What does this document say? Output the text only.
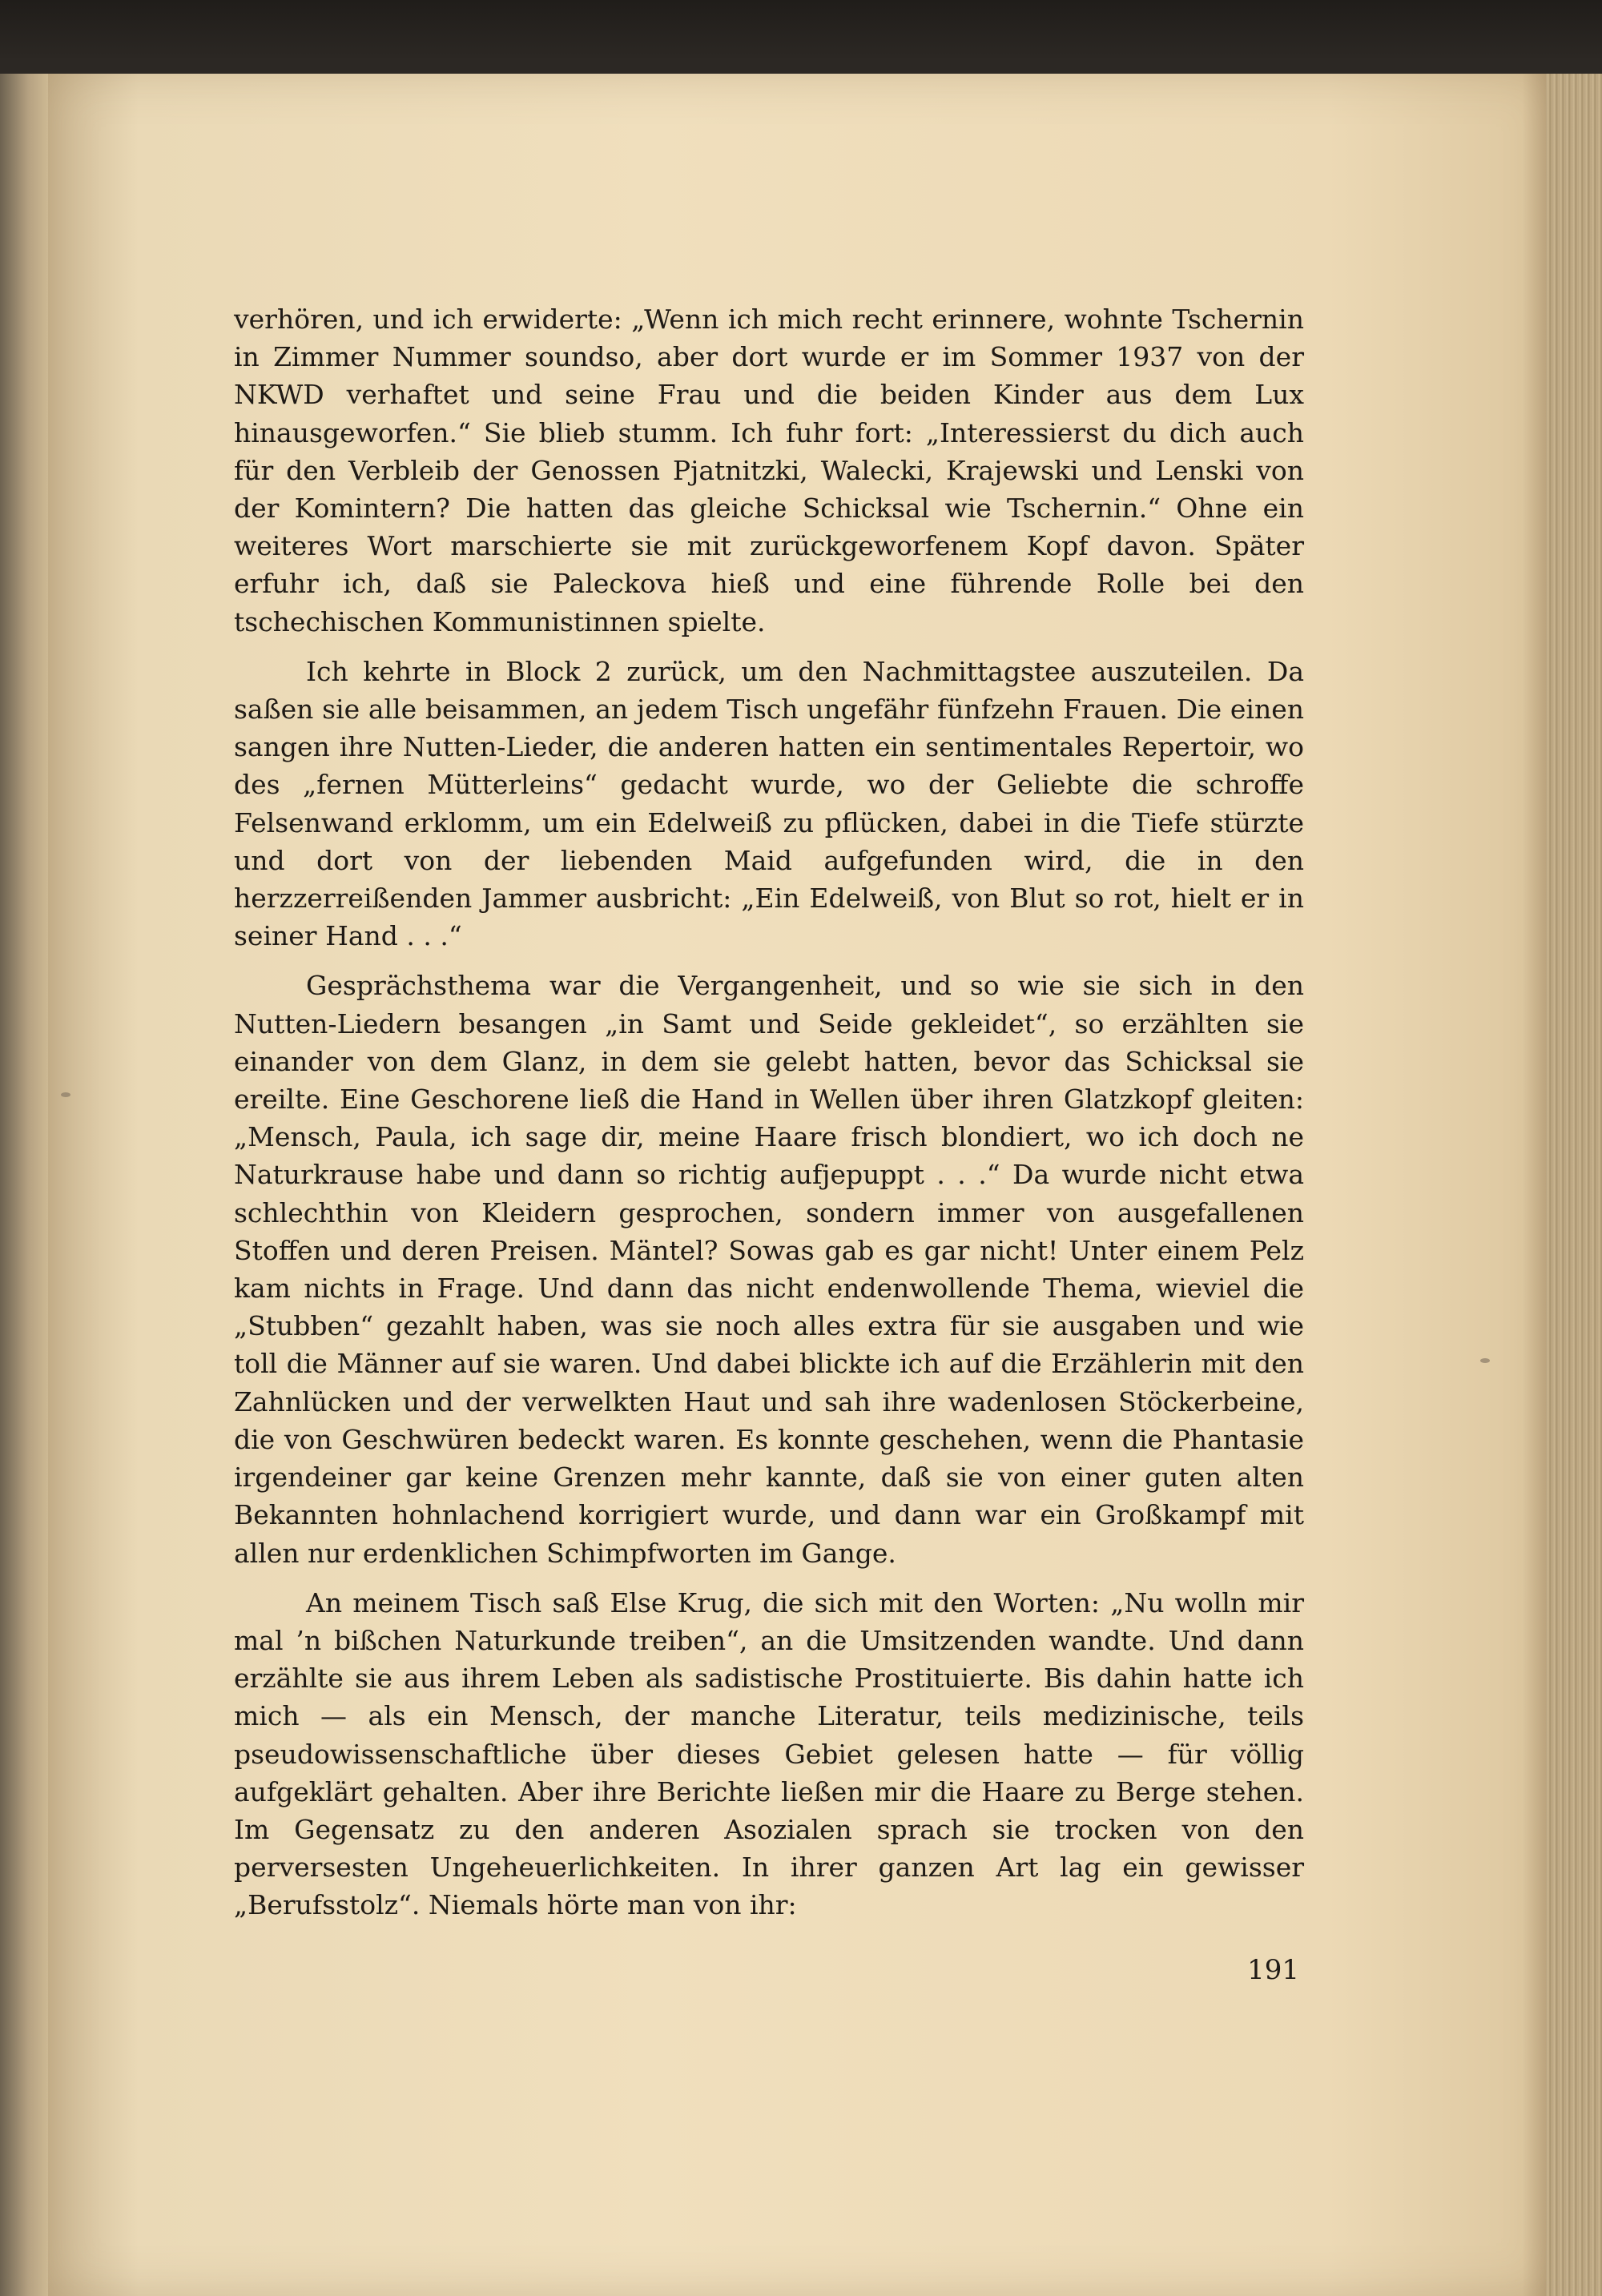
verhören, und ich erwiderte: „Wenn ich mich recht erinnere, wohnte Tschernin in Zimmer Nummer soundso, aber dort wurde er im Sommer 1937 von der NKWD verhaftet und seine Frau und die beiden Kinder aus dem Lux hinausgeworfen.“ Sie blieb stumm. Ich fuhr fort: „Interessierst du dich auch für den Verbleib der Genossen Pjatnitzki, Walecki, Krajewski und Lenski von der Komintern? Die hatten das gleiche Schicksal wie Tschernin.“ Ohne ein weiteres Wort marschierte sie mit zurückgeworfenem Kopf davon. Später erfuhr ich, daß sie Paleckova hieß und eine führende Rolle bei den tschechischen Kommunistinnen spielte.

Ich kehrte in Block 2 zurück, um den Nachmittagstee auszuteilen. Da saßen sie alle beisammen, an jedem Tisch ungefähr fünfzehn Frauen. Die einen sangen ihre Nutten-Lieder, die anderen hatten ein sentimentales Repertoir, wo des „fernen Mütterleins“ gedacht wurde, wo der Geliebte die schroffe Felsenwand erklomm, um ein Edelweiß zu pflücken, dabei in die Tiefe stürzte und dort von der liebenden Maid aufgefunden wird, die in den herzzerreißenden Jammer ausbricht: „Ein Edelweiß, von Blut so rot, hielt er in seiner Hand . . .“

Gesprächsthema war die Vergangenheit, und so wie sie sich in den Nutten-Liedern besangen „in Samt und Seide gekleidet“, so erzählten sie einander von dem Glanz, in dem sie gelebt hatten, bevor das Schicksal sie ereilte. Eine Geschorene ließ die Hand in Wellen über ihren Glatzkopf gleiten: „Mensch, Paula, ich sage dir, meine Haare frisch blondiert, wo ich doch ne Naturkrause habe und dann so richtig aufjepuppt . . .“ Da wurde nicht etwa schlechthin von Kleidern gesprochen, sondern immer von ausgefallenen Stoffen und deren Preisen. Mäntel? Sowas gab es gar nicht! Unter einem Pelz kam nichts in Frage. Und dann das nicht endenwollende Thema, wieviel die „Stubben“ gezahlt haben, was sie noch alles extra für sie ausgaben und wie toll die Männer auf sie waren. Und dabei blickte ich auf die Erzählerin mit den Zahnlücken und der verwelkten Haut und sah ihre wadenlosen Stöckerbeine, die von Geschwüren bedeckt waren. Es konnte geschehen, wenn die Phantasie irgendeiner gar keine Grenzen mehr kannte, daß sie von einer guten alten Bekannten hohnlachend korrigiert wurde, und dann war ein Großkampf mit allen nur erdenklichen Schimpfworten im Gange.

An meinem Tisch saß Else Krug, die sich mit den Worten: „Nu wolln mir mal ’n bißchen Naturkunde treiben“, an die Umsitzenden wandte. Und dann erzählte sie aus ihrem Leben als sadistische Prostituierte. Bis dahin hatte ich mich — als ein Mensch, der manche Literatur, teils medizinische, teils pseudowissenschaftliche über dieses Gebiet gelesen hatte — für völlig aufgeklärt gehalten. Aber ihre Berichte ließen mir die Haare zu Berge stehen. Im Gegensatz zu den anderen Asozialen sprach sie trocken von den perversesten Ungeheuerlichkeiten. In ihrer ganzen Art lag ein gewisser „Berufsstolz“. Niemals hörte man von ihr:

191
